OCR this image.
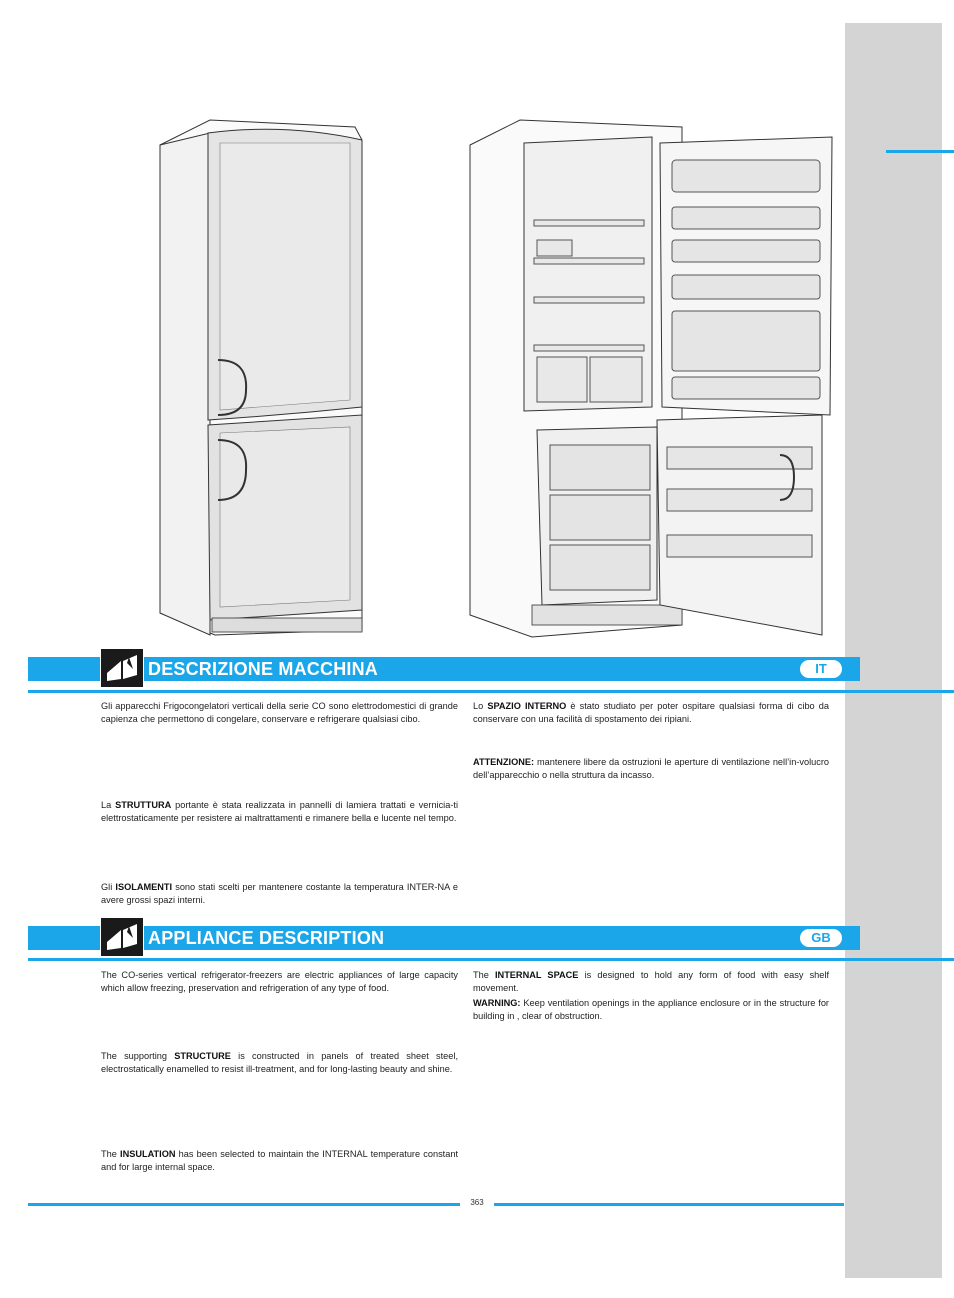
DESCRIZIONE MACCHINA	IT

Gli apparecchi Frigocongelatori verticali della serie CO sono elettrodomestici di grande capienza che permettono di congelare, conservare e refrigerare qualsiasi cibo.

La STRUTTURA portante è stata realizzata in pannelli di lamiera trattati e vernicia-ti elettrostaticamente per resistere ai maltrattamenti e rimanere bella e lucente nel tempo.

Gli ISOLAMENTI sono stati scelti per mantenere costante la temperatura INTER-NA e avere grossi spazi interni.

Lo SPAZIO INTERNO è stato studiato per poter ospitare qualsiasi forma di cibo da conservare con una facilità di spostamento dei ripiani.

ATTENZIONE: mantenere libere da ostruzioni le aperture di ventilazione nell’in-volucro dell’apparecchio o nella struttura da incasso.

APPLIANCE DESCRIPTION	GB

The CO-series vertical refrigerator-freezers are electric appliances of large capacity which allow freezing, preservation and refrigeration of any type of food.

The supporting STRUCTURE is constructed in panels of treated sheet steel, electrostatically enamelled to resist ill-treatment, and for long-lasting beauty and shine.

The INSULATION has been selected to maintain the INTERNAL temperature constant and for large internal space.

The INTERNAL SPACE is designed to hold any form of food with easy shelf movement.

WARNING: Keep ventilation openings in the appliance enclosure or in the structure for building in , clear of obstruction.

363
